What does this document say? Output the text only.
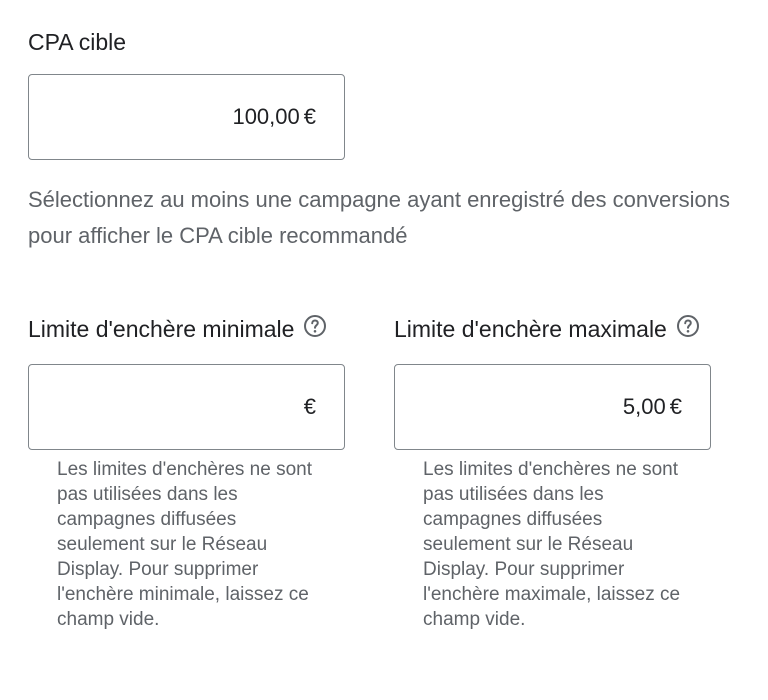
CPA cible
100,00 €
Sélectionnez au moins une campagne ayant enregistré des conversions pour afficher le CPA cible recommandé
Limite d'enchère minimale	Limite d'enchère maximale
€	5,00 €
Les limites d'enchères ne sont pas utilisées dans les campagnes diffusées seulement sur le Réseau Display. Pour supprimer l'enchère minimale, laissez ce champ vide.
Les limites d'enchères ne sont pas utilisées dans les campagnes diffusées seulement sur le Réseau Display. Pour supprimer l'enchère maximale, laissez ce champ vide.
